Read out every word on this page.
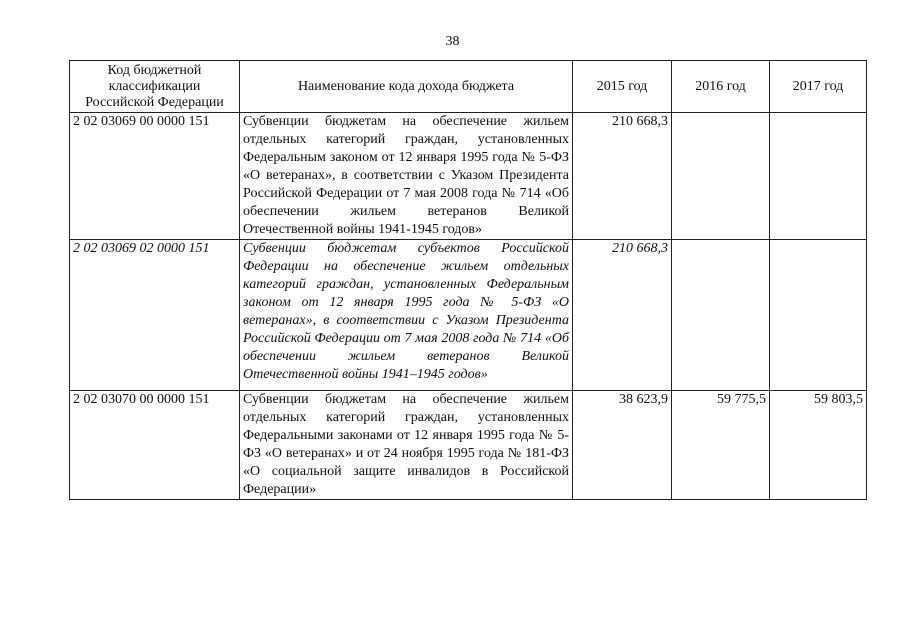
38
Код бюджетной классификации Российской Федерации	Наименование кода дохода бюджета	2015 год	2016 год	2017 год
2 02 03069 00 0000 151	Субвенции бюджетам на обеспечение жильем отдельных категорий граждан, установленных Федеральным законом от 12 января 1995 года № 5-ФЗ «О ветеранах», в соответствии с Указом Президента Российской Федерации от 7 мая 2008 года № 714 «Об обеспечении жильем ветеранов Великой Отечественной войны 1941-1945 годов»	210 668,3		
2 02 03069 02 0000 151	Субвенции бюджетам субъектов Российской Федерации на обеспечение жильем отдельных категорий граждан, установленных Федеральным законом от 12 января 1995 года № 5-ФЗ «О ветеранах», в соответствии с Указом Президента Российской Федерации от 7 мая 2008 года № 714 «Об обеспечении жильем ветеранов Великой Отечественной войны 1941–1945 годов»	210 668,3		
2 02 03070 00 0000 151	Субвенции бюджетам на обеспечение жильем отдельных категорий граждан, установленных Федеральными законами от 12 января 1995 года № 5-ФЗ «О ветеранах» и от 24 ноября 1995 года № 181-ФЗ «О социальной защите инвалидов в Российской Федерации»	38 623,9	59 775,5	59 803,5
